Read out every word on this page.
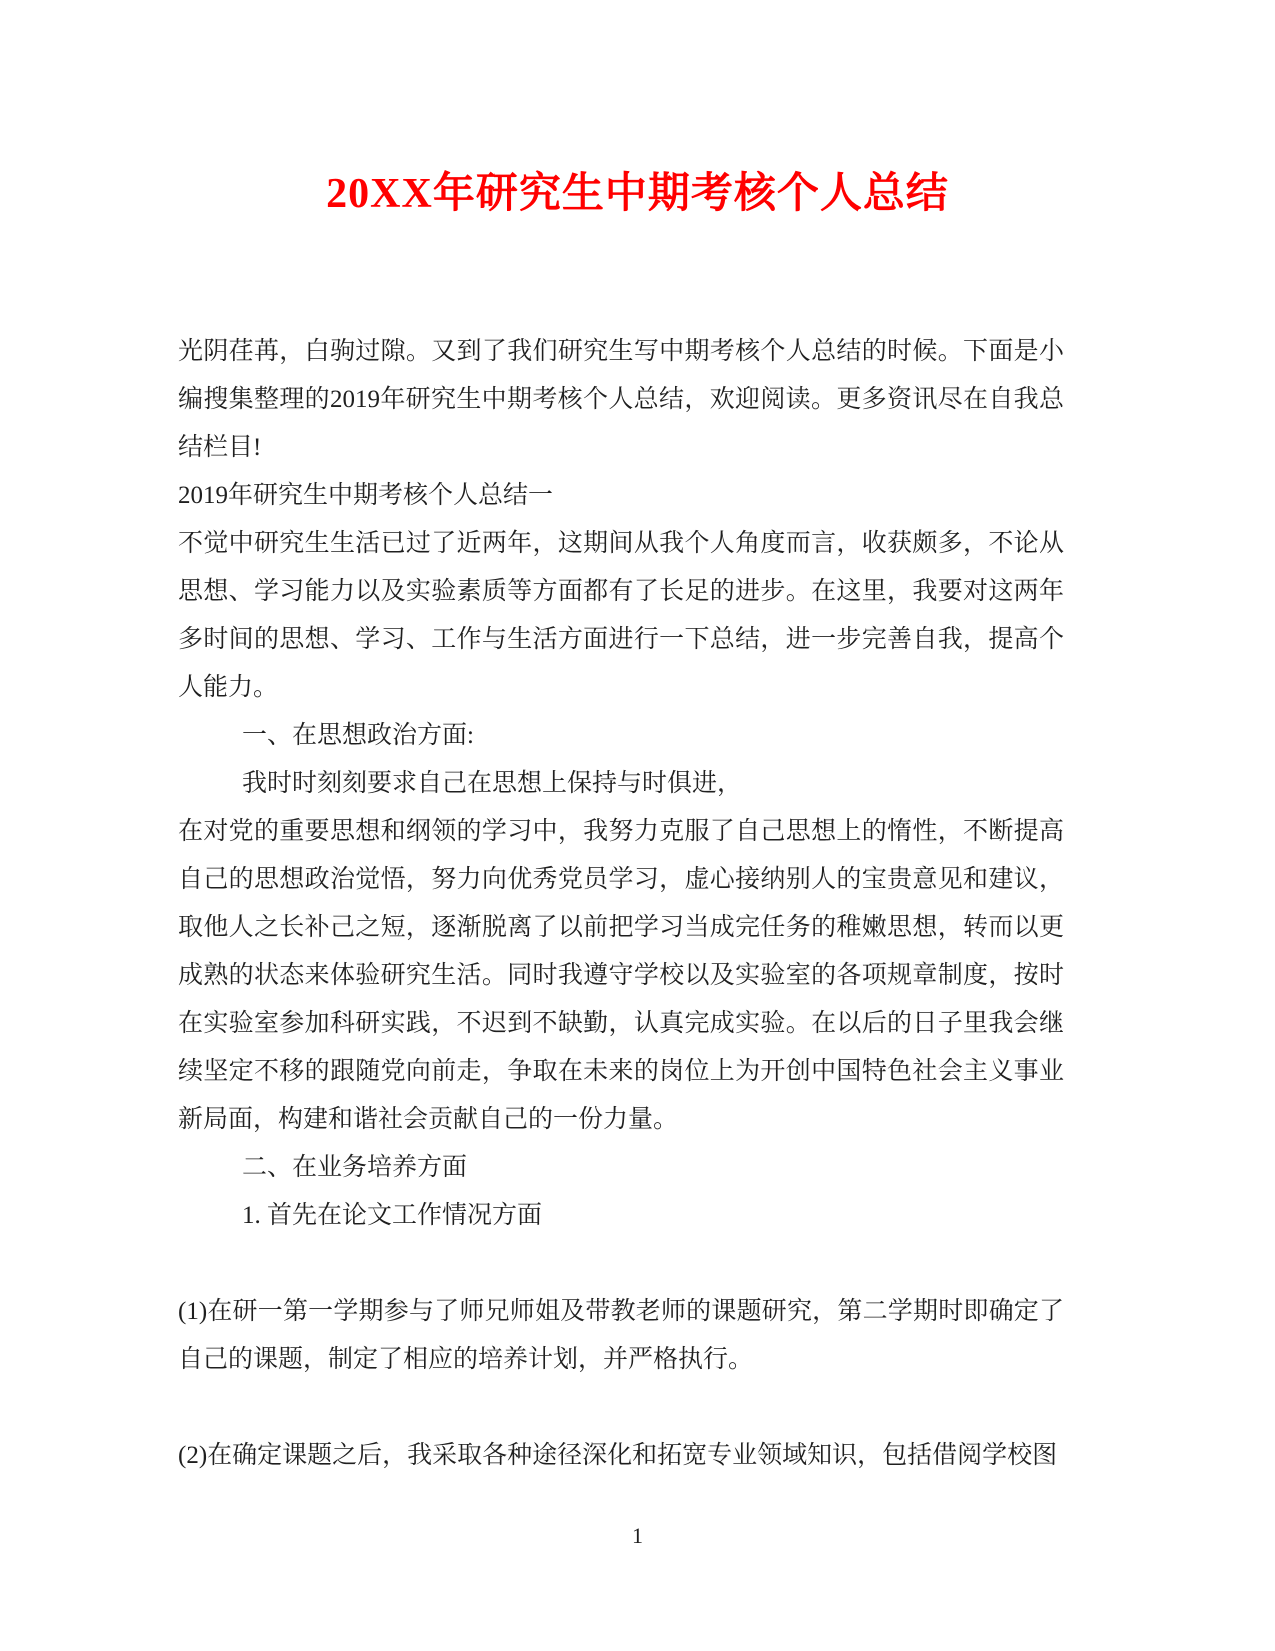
20XX年研究生中期考核个人总结

光阴荏苒，白驹过隙。又到了我们研究生写中期考核个人总结的时候。下面是小编搜集整理的2019年研究生中期考核个人总结，欢迎阅读。更多资讯尽在自我总结栏目!

2019年研究生中期考核个人总结一

不觉中研究生生活已过了近两年，这期间从我个人角度而言，收获颇多，不论从思想、学习能力以及实验素质等方面都有了长足的进步。在这里，我要对这两年多时间的思想、学习、工作与生活方面进行一下总结，进一步完善自我，提高个人能力。

一、在思想政治方面:

我时时刻刻要求自己在思想上保持与时俱进，

在对党的重要思想和纲领的学习中，我努力克服了自己思想上的惰性，不断提高自己的思想政治觉悟，努力向优秀党员学习，虚心接纳别人的宝贵意见和建议，取他人之长补己之短，逐渐脱离了以前把学习当成完任务的稚嫩思想，转而以更成熟的状态来体验研究生活。同时我遵守学校以及实验室的各项规章制度，按时在实验室参加科研实践，不迟到不缺勤，认真完成实验。在以后的日子里我会继续坚定不移的跟随党向前走，争取在未来的岗位上为开创中国特色社会主义事业新局面，构建和谐社会贡献自己的一份力量。

二、在业务培养方面

1. 首先在论文工作情况方面

(1)在研一第一学期参与了师兄师姐及带教老师的课题研究，第二学期时即确定了自己的课题，制定了相应的培养计划，并严格执行。

(2)在确定课题之后，我采取各种途径深化和拓宽专业领域知识，包括借阅学校图

1
